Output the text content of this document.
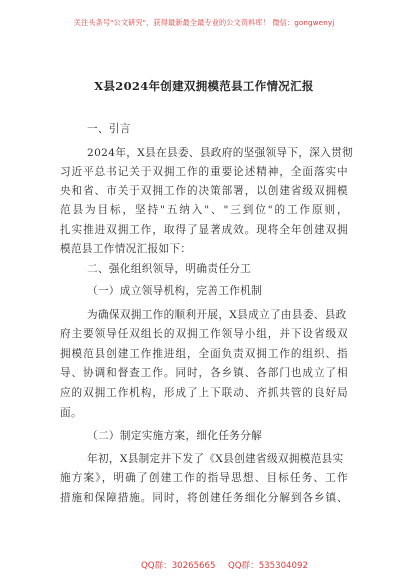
关注头条号"公文研究"，获得最新最全最专业的公文资料库！ 微信：gongwenyj
X县2024年创建双拥模范县工作情况汇报
一、引言
2024年，X县在县委、县政府的坚强领导下，深入贯彻
习近平总书记关于双拥工作的重要论述精神，全面落实中
央和省、市关于双拥工作的决策部署，以创建省级双拥模
范县为目标，坚持"五纳入"、"三到位"的工作原则，
扎实推进双拥工作，取得了显著成效。现将全年创建双拥
模范县工作情况汇报如下：
二、强化组织领导，明确责任分工
（一）成立领导机构，完善工作机制
为确保双拥工作的顺利开展，X县成立了由县委、县政
府主要领导任双组长的双拥工作领导小组，并下设省级双
拥模范县创建工作推进组，全面负责双拥工作的组织、指
导、协调和督查工作。同时，各乡镇、各部门也成立了相
应的双拥工作机构，形成了上下联动、齐抓共管的良好局
面。
（二）制定实施方案，细化任务分解
年初，X县制定并下发了《X县创建省级双拥模范县实
施方案》，明确了创建工作的指导思想、目标任务、工作
措施和保障措施。同时，将创建任务细化分解到各乡镇、
QQ群：30265665 QQ群：535304092
